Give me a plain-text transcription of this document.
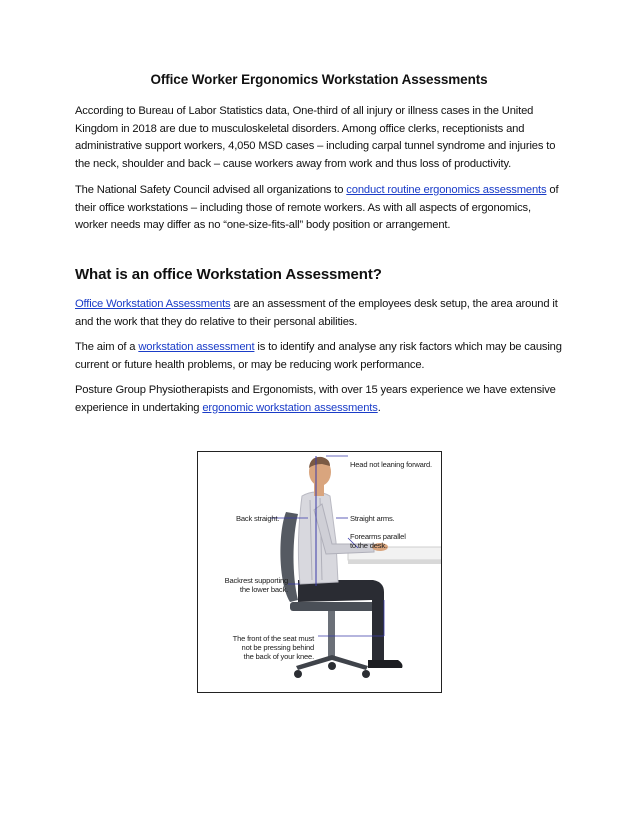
Office Worker Ergonomics Workstation Assessments

According to Bureau of Labor Statistics data, One-third of all injury or illness cases in the United Kingdom in 2018 are due to musculoskeletal disorders. Among office clerks, receptionists and administrative support workers, 4,050 MSD cases – including carpal tunnel syndrome and injuries to the neck, shoulder and back – cause workers away from work and thus loss of productivity.

The National Safety Council advised all organizations to conduct routine ergonomics assessments of their office workstations – including those of remote workers. As with all aspects of ergonomics, worker needs may differ as no “one-size-fits-all” body position or arrangement.

What is an office Workstation Assessment?

Office Workstation Assessments are an assessment of the employees desk setup, the area around it and the work that they do relative to their personal abilities.

The aim of a workstation assessment is to identify and analyse any risk factors which may be causing current or future health problems, or may be reducing work performance.

Posture Group Physiotherapists and Ergonomists, with over 15 years experience we have extensive experience in undertaking ergonomic workstation assessments.

Head not leaning forward.

Back straight.	Straight arms.

Forearms parallel
to the desk.

Backrest supporting
the lower back.

The front of the seat must
not be pressing behind
the back of your knee.
